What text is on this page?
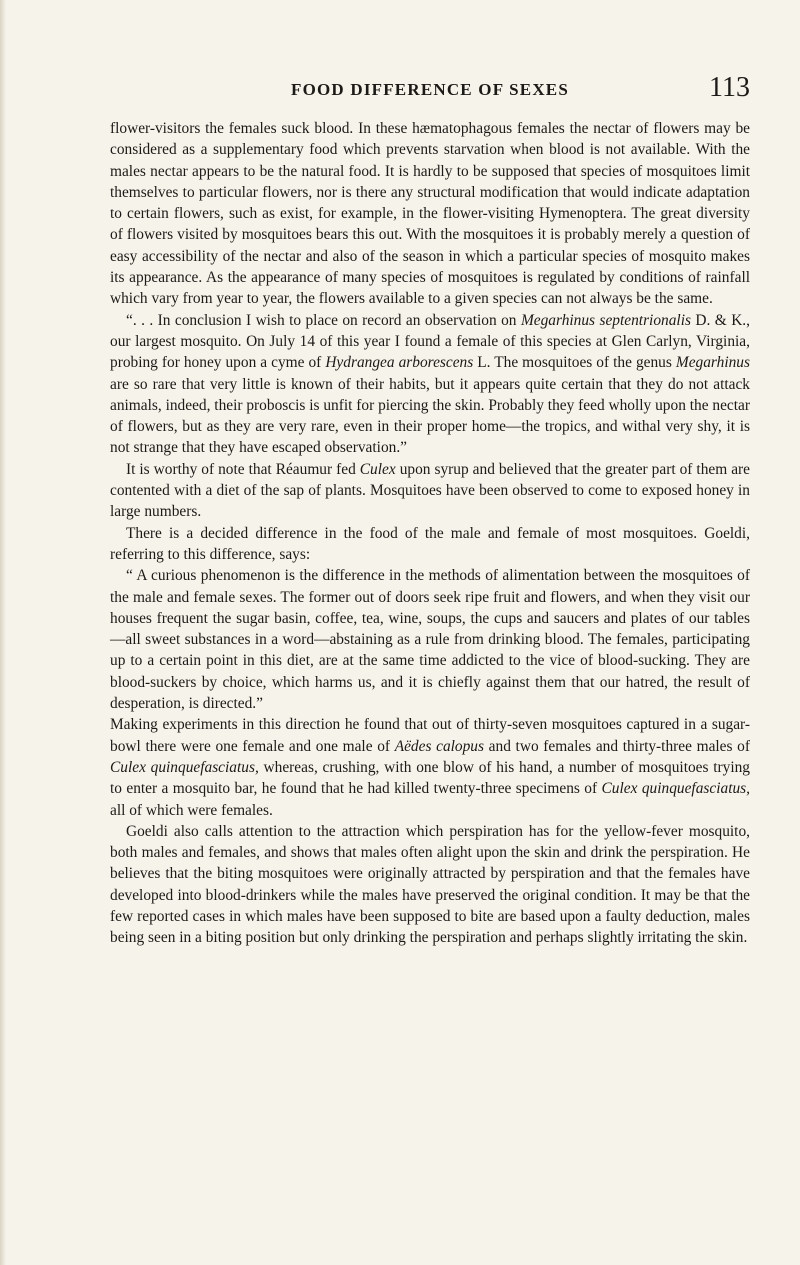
FOOD DIFFERENCE OF SEXES	113

flower-visitors the females suck blood. In these hæmatophagous females the nectar of flowers may be considered as a supplementary food which prevents starvation when blood is not available. With the males nectar appears to be the natural food. It is hardly to be supposed that species of mosquitoes limit themselves to particular flowers, nor is there any structural modification that would indicate adaptation to certain flowers, such as exist, for example, in the flower-visiting Hymenoptera. The great diversity of flowers visited by mosquitoes bears this out. With the mosquitoes it is probably merely a question of easy accessibility of the nectar and also of the season in which a particular species of mosquito makes its appearance. As the appearance of many species of mosquitoes is regulated by conditions of rainfall which vary from year to year, the flowers available to a given species can not always be the same.

“. . . In conclusion I wish to place on record an observation on Megarhinus septentrionalis D. & K., our largest mosquito. On July 14 of this year I found a female of this species at Glen Carlyn, Virginia, probing for honey upon a cyme of Hydrangea arborescens L. The mosquitoes of the genus Megarhinus are so rare that very little is known of their habits, but it appears quite certain that they do not attack animals, indeed, their proboscis is unfit for piercing the skin. Probably they feed wholly upon the nectar of flowers, but as they are very rare, even in their proper home—the tropics, and withal very shy, it is not strange that they have escaped observation.”

It is worthy of note that Réaumur fed Culex upon syrup and believed that the greater part of them are contented with a diet of the sap of plants. Mosquitoes have been observed to come to exposed honey in large numbers.

There is a decided difference in the food of the male and female of most mosquitoes. Goeldi, referring to this difference, says:

“ A curious phenomenon is the difference in the methods of alimentation between the mosquitoes of the male and female sexes. The former out of doors seek ripe fruit and flowers, and when they visit our houses frequent the sugar basin, coffee, tea, wine, soups, the cups and saucers and plates of our tables—all sweet substances in a word—abstaining as a rule from drinking blood. The females, participating up to a certain point in this diet, are at the same time addicted to the vice of blood-sucking. They are blood-suckers by choice, which harms us, and it is chiefly against them that our hatred, the result of desperation, is directed.”

Making experiments in this direction he found that out of thirty-seven mosquitoes captured in a sugar-bowl there were one female and one male of Aëdes calopus and two females and thirty-three males of Culex quinquefasciatus, whereas, crushing, with one blow of his hand, a number of mosquitoes trying to enter a mosquito bar, he found that he had killed twenty-three specimens of Culex quinquefasciatus, all of which were females.

Goeldi also calls attention to the attraction which perspiration has for the yellow-fever mosquito, both males and females, and shows that males often alight upon the skin and drink the perspiration. He believes that the biting mosquitoes were originally attracted by perspiration and that the females have developed into blood-drinkers while the males have preserved the original condition. It may be that the few reported cases in which males have been supposed to bite are based upon a faulty deduction, males being seen in a biting position but only drinking the perspiration and perhaps slightly irritating the skin.
